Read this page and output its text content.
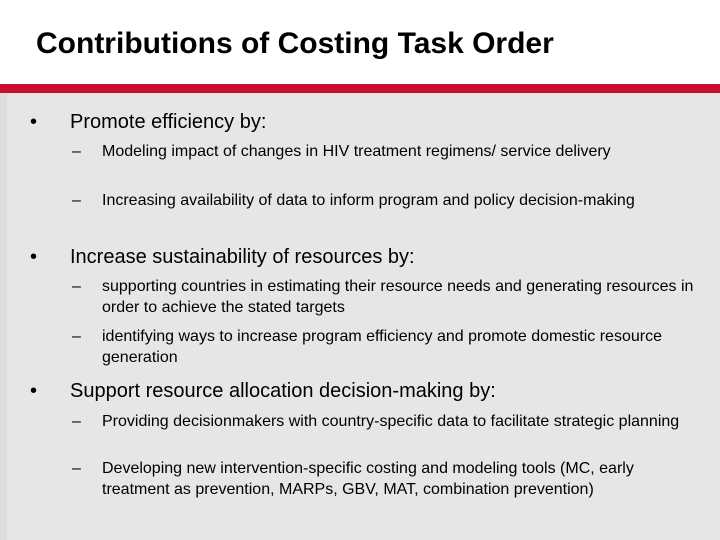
Contributions of Costing Task Order
• Promote efficiency by:
– Modeling impact of changes in HIV treatment regimens/ service delivery
– Increasing availability of data to inform program and policy decision-making
• Increase sustainability of resources by:
– supporting countries in estimating their resource needs and generating resources in order to achieve the stated targets
– identifying ways to increase program efficiency and promote domestic resource generation
• Support resource allocation decision-making by:
– Providing decisionmakers with country-specific data to facilitate strategic planning
– Developing new intervention-specific costing and modeling tools (MC, early treatment as prevention, MARPs, GBV, MAT, combination prevention)
